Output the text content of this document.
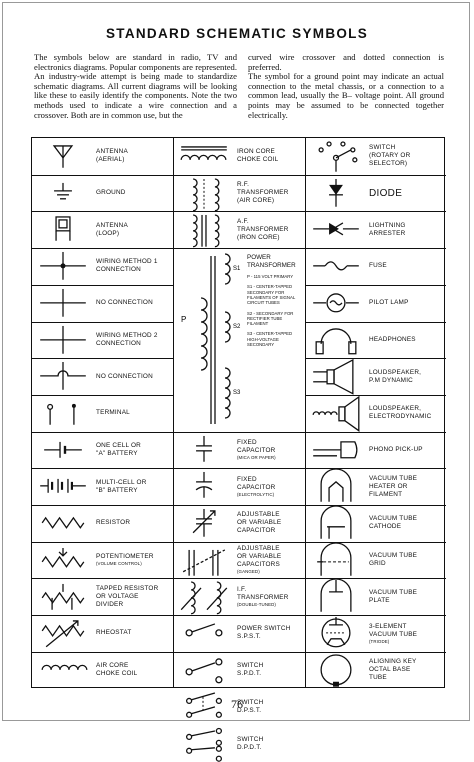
STANDARD SCHEMATIC SYMBOLS
The symbols below are standard in radio, TV and electronics diagrams. Popular components are represented. An industry-wide attempt is being made to standardize schematic diagrams. All current diagrams will be looking like these to easily identify the components. Note the two methods used to indicate a wire connection and a crossover. Both are in common use, but the
curved wire crossover and dotted connection is preferred.
The symbol for a ground point may indicate an actual connection to the metal chassis, or a connection to a common lead, usually the B– voltage point. All ground points may be assumed to be connected together electrically.
ANTENNA
(AERIAL)
GROUND
ANTENNA
(LOOP)
WIRING METHOD 1
CONNECTION
NO CONNECTION
WIRING METHOD 2
CONNECTION
NO CONNECTION
TERMINAL
ONE CELL OR
"A" BATTERY
MULTI-CELL OR
"B" BATTERY
RESISTOR
POTENTIOMETER
(VOLUME CONTROL)
TAPPED RESISTOR
OR VOLTAGE
DIVIDER
RHEOSTAT
AIR CORE
CHOKE COIL
IRON CORE
CHOKE COIL
R.F.
TRANSFORMER
(AIR CORE)
A.F.
TRANSFORMER
(IRON CORE)
FIXED
CAPACITOR
(MICA OR PAPER)
FIXED
CAPACITOR
(ELECTROLYTIC)
ADJUSTABLE
OR VARIABLE
CAPACITOR
ADJUSTABLE
OR VARIABLE
CAPACITORS
(GANGED)
I.F.
TRANSFORMER
(DOUBLE-TUNED)
POWER SWITCH
S.P.S.T.
SWITCH
S.P.D.T.
SWITCH
D.P.S.T.
SWITCH
D.P.D.T.
SWITCH
(ROTARY OR
SELECTOR)
DIODE
LIGHTNING
ARRESTER
FUSE
PILOT LAMP
HEADPHONES
LOUDSPEAKER,
P.M DYNAMIC
LOUDSPEAKER,
ELECTRODYNAMIC
PHONO PICK-UP
VACUUM TUBE
HEATER OR
FILAMENT
VACUUM TUBE
CATHODE
VACUUM TUBE
GRID
VACUUM TUBE
PLATE
3-ELEMENT
VACUUM TUBE
(TRIODE)
ALIGNING KEY
OCTAL BASE
TUBE
P
S1
S2
S3
POWER
TRANSFORMER
P - 115 VOLT PRIMARY
S1 - CENTER-TAPPED SECONDARY FOR FILAMENTS OF SIGNAL CIRCUIT TUBES
S2 - SECONDARY FOR RECTIFIER TUBE FILAMENT
S3 - CENTER-TAPPED HIGH-VOLTAGE SECONDARY
76
